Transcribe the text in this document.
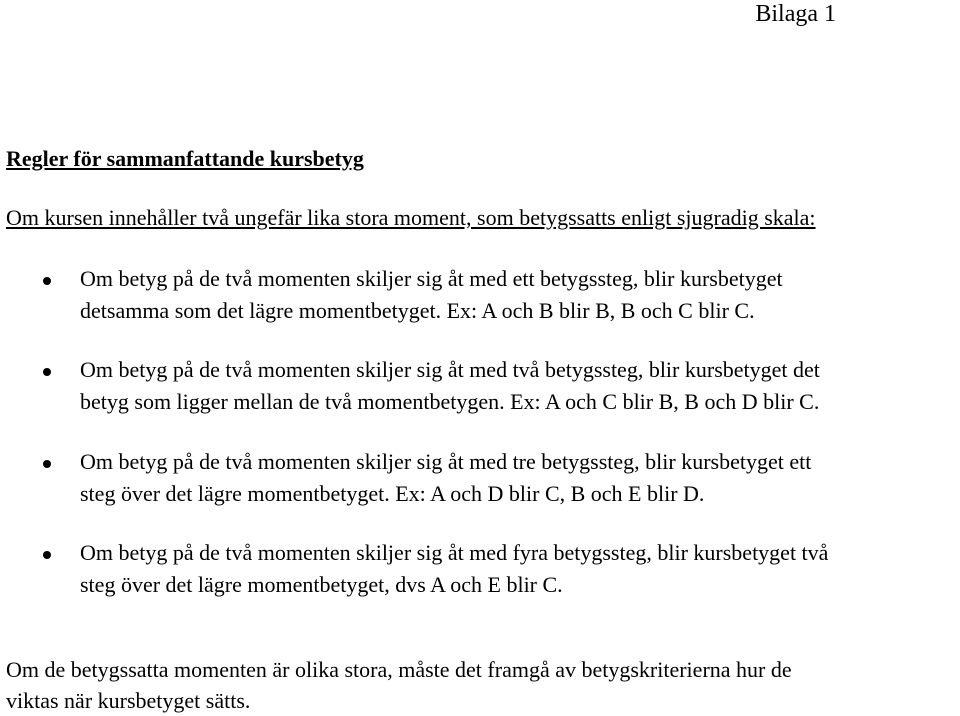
Bilaga 1
Regler för sammanfattande kursbetyg
Om kursen innehåller två ungefär lika stora moment, som betygssatts enligt sjugradig skala:
Om betyg på de två momenten skiljer sig åt med ett betygssteg, blir kursbetyget
detsamma som det lägre momentbetyget. Ex: A och B blir B, B och C blir C.
Om betyg på de två momenten skiljer sig åt med två betygssteg, blir kursbetyget det
betyg som ligger mellan de två momentbetygen. Ex: A och C blir B, B och D blir C.
Om betyg på de två momenten skiljer sig åt med tre betygssteg, blir kursbetyget ett
steg över det lägre momentbetyget. Ex: A och D blir C, B och E blir D.
Om betyg på de två momenten skiljer sig åt med fyra betygssteg, blir kursbetyget två
steg över det lägre momentbetyget, dvs A och E blir C.
Om de betygssatta momenten är olika stora, måste det framgå av betygskriterierna hur de
viktas när kursbetyget sätts.
